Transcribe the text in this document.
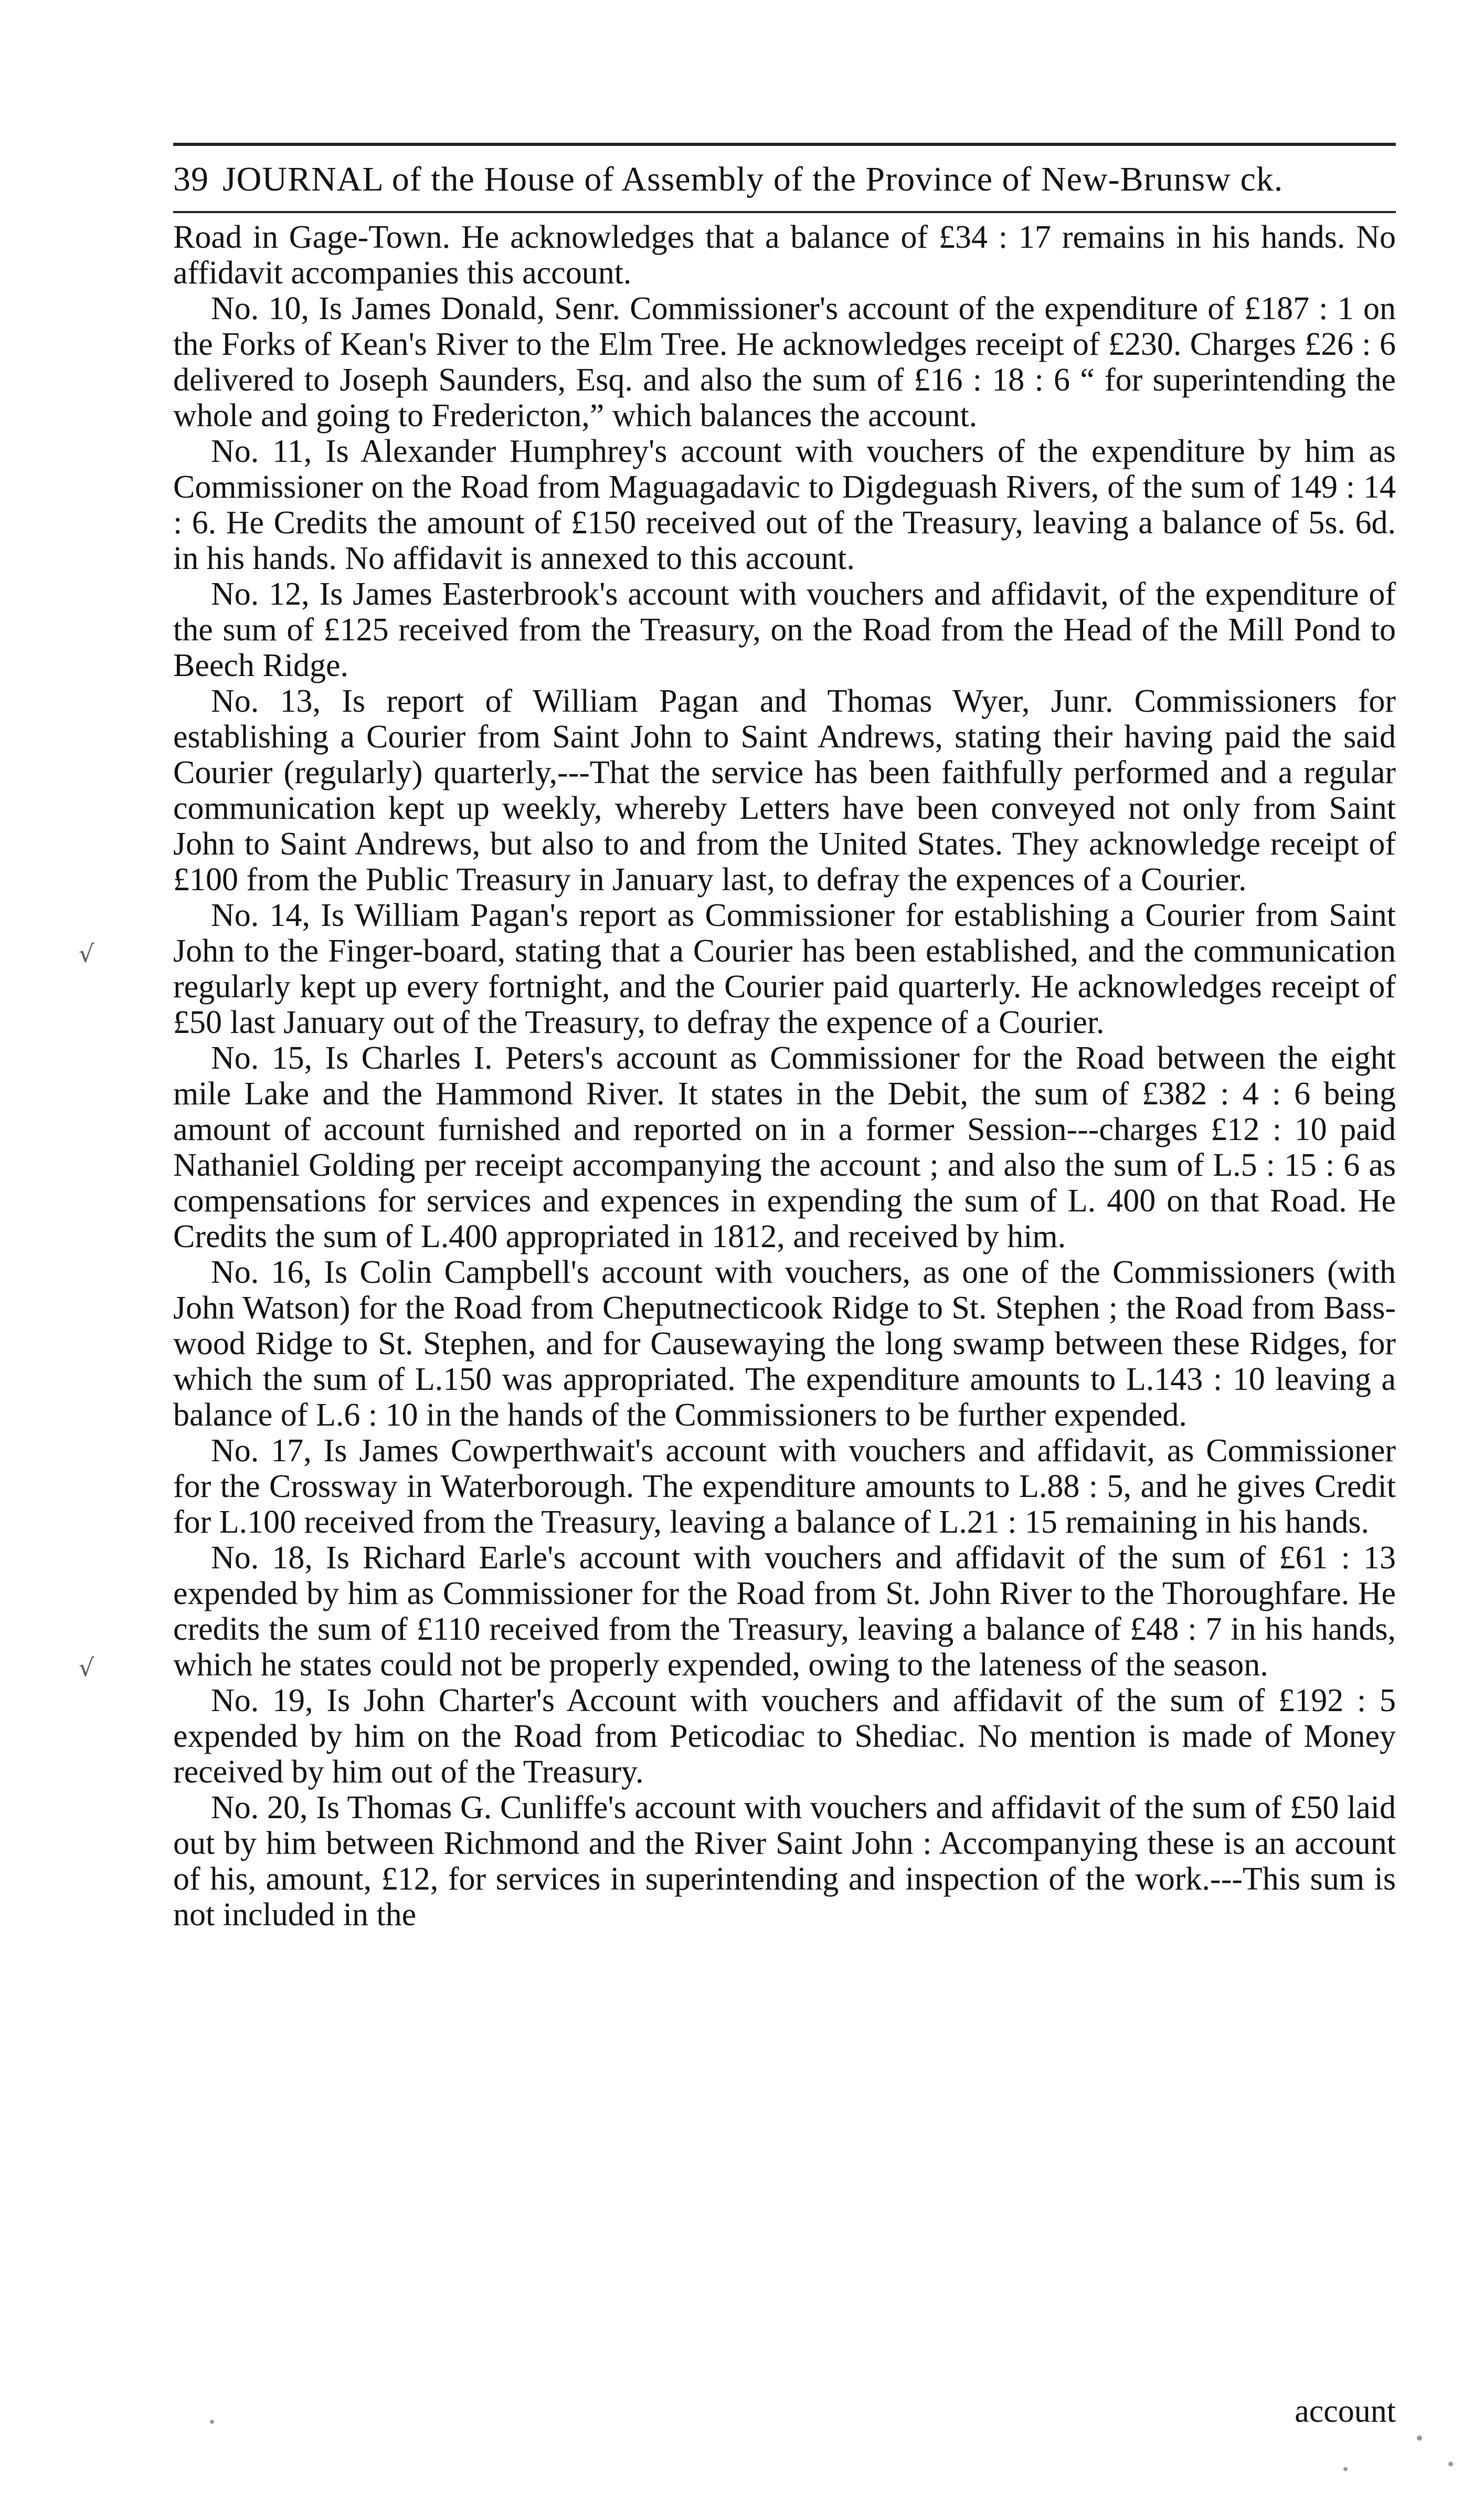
39 JOURNAL of the House of Assembly of the Province of New-Brunsw ck.

Road in Gage-Town. He acknowledges that a balance of £34 : 17 remains in his hands. No affidavit accompanies this account.

No. 10, Is James Donald, Senr. Commissioner's account of the expenditure of £187 : 1 on the Forks of Kean's River to the Elm Tree. He acknowledges receipt of £230. Charges £26 : 6 delivered to Joseph Saunders, Esq. and also the sum of £16 : 18 : 6 “ for superintending the whole and going to Fredericton,” which balances the account.

No. 11, Is Alexander Humphrey's account with vouchers of the expenditure by him as Commissioner on the Road from Maguagadavic to Digdeguash Rivers, of the sum of 149 : 14 : 6. He Credits the amount of £150 received out of the Treasury, leaving a balance of 5s. 6d. in his hands. No affidavit is annexed to this account.

No. 12, Is James Easterbrook's account with vouchers and affidavit, of the expenditure of the sum of £125 received from the Treasury, on the Road from the Head of the Mill Pond to Beech Ridge.

No. 13, Is report of William Pagan and Thomas Wyer, Junr. Commissioners for establishing a Courier from Saint John to Saint Andrews, stating their having paid the said Courier (regularly) quarterly,---That the service has been faithfully performed and a regular communication kept up weekly, whereby Letters have been conveyed not only from Saint John to Saint Andrews, but also to and from the United States. They acknowledge receipt of £100 from the Public Treasury in January last, to defray the expences of a Courier.

No. 14, Is William Pagan's report as Commissioner for establishing a Courier from Saint John to the Finger-board, stating that a Courier has been established, and the communication regularly kept up every fortnight, and the Courier paid quarterly. He acknowledges receipt of £50 last January out of the Treasury, to defray the expence of a Courier.

No. 15, Is Charles I. Peters's account as Commissioner for the Road between the eight mile Lake and the Hammond River. It states in the Debit, the sum of £382 : 4 : 6 being amount of account furnished and reported on in a former Session---charges £12 : 10 paid Nathaniel Golding per receipt accompanying the account ; and also the sum of L.5 : 15 : 6 as compensations for services and expences in expending the sum of L. 400 on that Road. He Credits the sum of L.400 appropriated in 1812, and received by him.

No. 16, Is Colin Campbell's account with vouchers, as one of the Commissioners (with John Watson) for the Road from Cheputnecticook Ridge to St. Stephen ; the Road from Bass-wood Ridge to St. Stephen, and for Causewaying the long swamp between these Ridges, for which the sum of L.150 was appropriated. The expenditure amounts to L.143 : 10 leaving a balance of L.6 : 10 in the hands of the Commissioners to be further expended.

No. 17, Is James Cowperthwait's account with vouchers and affidavit, as Commissioner for the Crossway in Waterborough. The expenditure amounts to L.88 : 5, and he gives Credit for L.100 received from the Treasury, leaving a balance of L.21 : 15 remaining in his hands.

No. 18, Is Richard Earle's account with vouchers and affidavit of the sum of £61 : 13 expended by him as Commissioner for the Road from St. John River to the Thoroughfare. He credits the sum of £110 received from the Treasury, leaving a balance of £48 : 7 in his hands, which he states could not be properly expended, owing to the lateness of the season.

No. 19, Is John Charter's Account with vouchers and affidavit of the sum of £192 : 5 expended by him on the Road from Peticodiac to Shediac. No mention is made of Money received by him out of the Treasury.

No. 20, Is Thomas G. Cunliffe's account with vouchers and affidavit of the sum of £50 laid out by him between Richmond and the River Saint John : Accompanying these is an account of his, amount, £12, for services in superintending and inspection of the work.---This sum is not included in the

account
√
√
